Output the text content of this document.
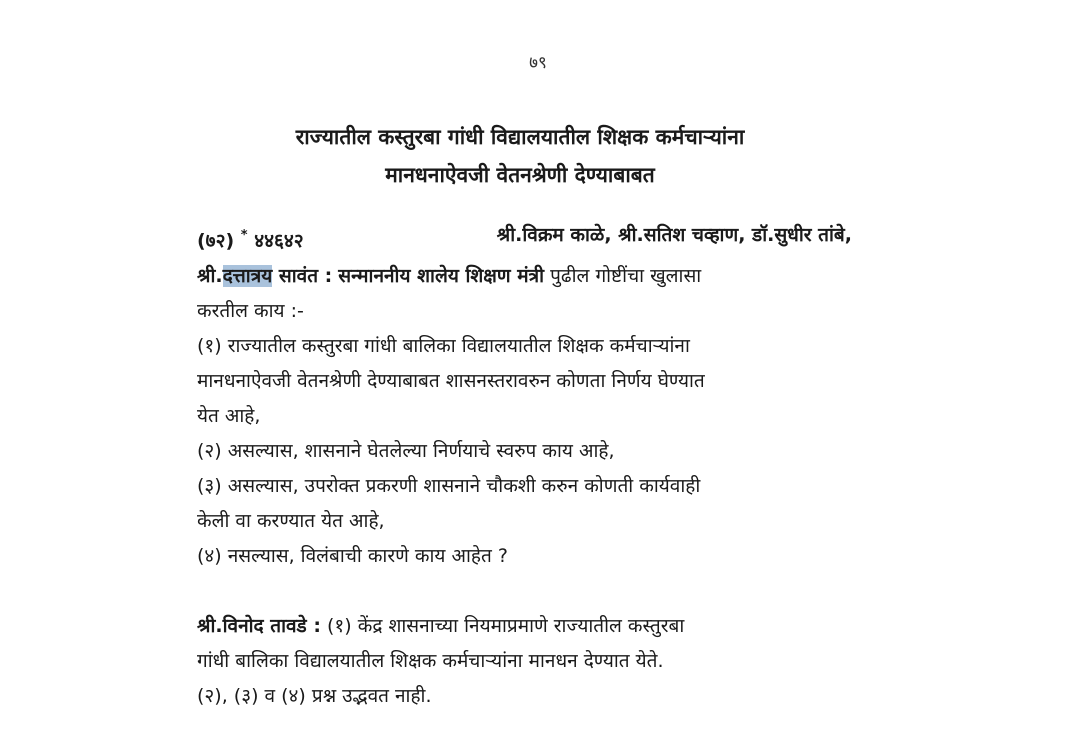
७९
राज्यातील कस्तुरबा गांधी विद्यालयातील शिक्षक कर्मचाऱ्यांना
मानधनाऐवजी वेतनश्रेणी देण्याबाबत
(७२) * ४४६४२	श्री.विक्रम काळे, श्री.सतिश चव्हाण, डॉ.सुधीर तांबे,
श्री.दत्तात्रय सावंत : सन्माननीय शालेय शिक्षण मंत्री पुढील गोष्टींचा खुलासा
करतील काय :-
(१) राज्यातील कस्तुरबा गांधी बालिका विद्यालयातील शिक्षक कर्मचाऱ्यांना
मानधनाऐवजी वेतनश्रेणी देण्याबाबत शासनस्तरावरुन कोणता निर्णय घेण्यात
येत आहे,
(२) असल्यास, शासनाने घेतलेल्या निर्णयाचे स्वरुप काय आहे,
(३) असल्यास, उपरोक्त प्रकरणी शासनाने चौकशी करुन कोणती कार्यवाही
केली वा करण्यात येत आहे,
(४) नसल्यास, विलंबाची कारणे काय आहेत ?
श्री.विनोद तावडे : (१) केंद्र शासनाच्या नियमाप्रमाणे राज्यातील कस्तुरबा
गांधी बालिका विद्यालयातील शिक्षक कर्मचाऱ्यांना मानधन देण्यात येते.
(२), (३) व (४) प्रश्न उद्भवत नाही.
